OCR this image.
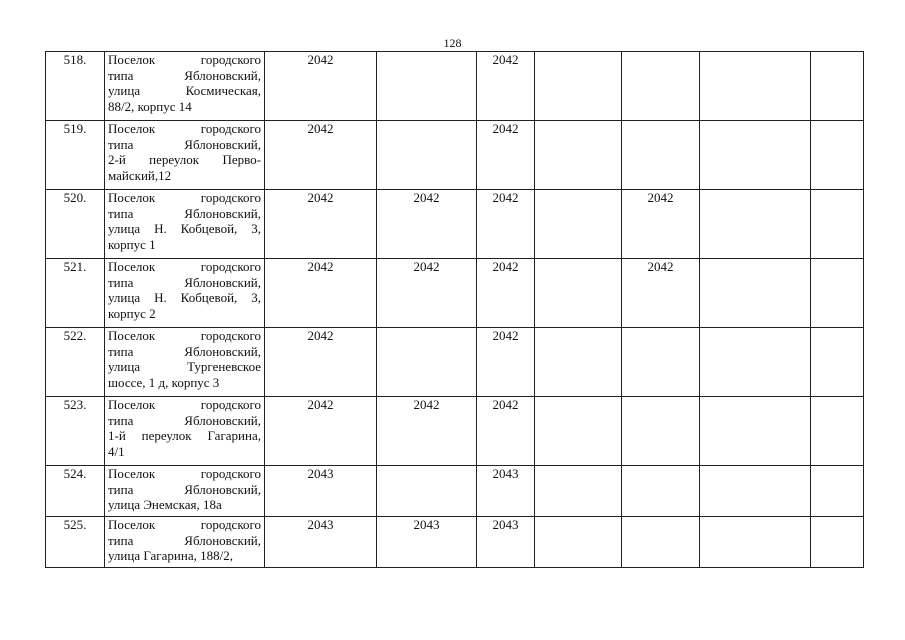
128
518.	Поселок городского
типа Яблоновский,
улица Космическая,
88/2, корпус 14	2042		2042				
519.	Поселок городского
типа Яблоновский,
2-й переулок Перво-
майский,12	2042		2042				
520.	Поселок городского
типа Яблоновский,
улица Н. Кобцевой, 3,
корпус 1	2042	2042	2042		2042		
521.	Поселок городского
типа Яблоновский,
улица Н. Кобцевой, 3,
корпус 2	2042	2042	2042		2042		
522.	Поселок городского
типа Яблоновский,
улица Тургеневское
шоссе, 1 д, корпус 3	2042		2042				
523.	Поселок городского
типа Яблоновский,
1-й переулок Гагарина,
4/1	2042	2042	2042				
524.	Поселок городского
типа Яблоновский,
улица Энемская, 18а	2043		2043				
525.	Поселок городского
типа Яблоновский,
улица Гагарина, 188/2,	2043	2043	2043				
